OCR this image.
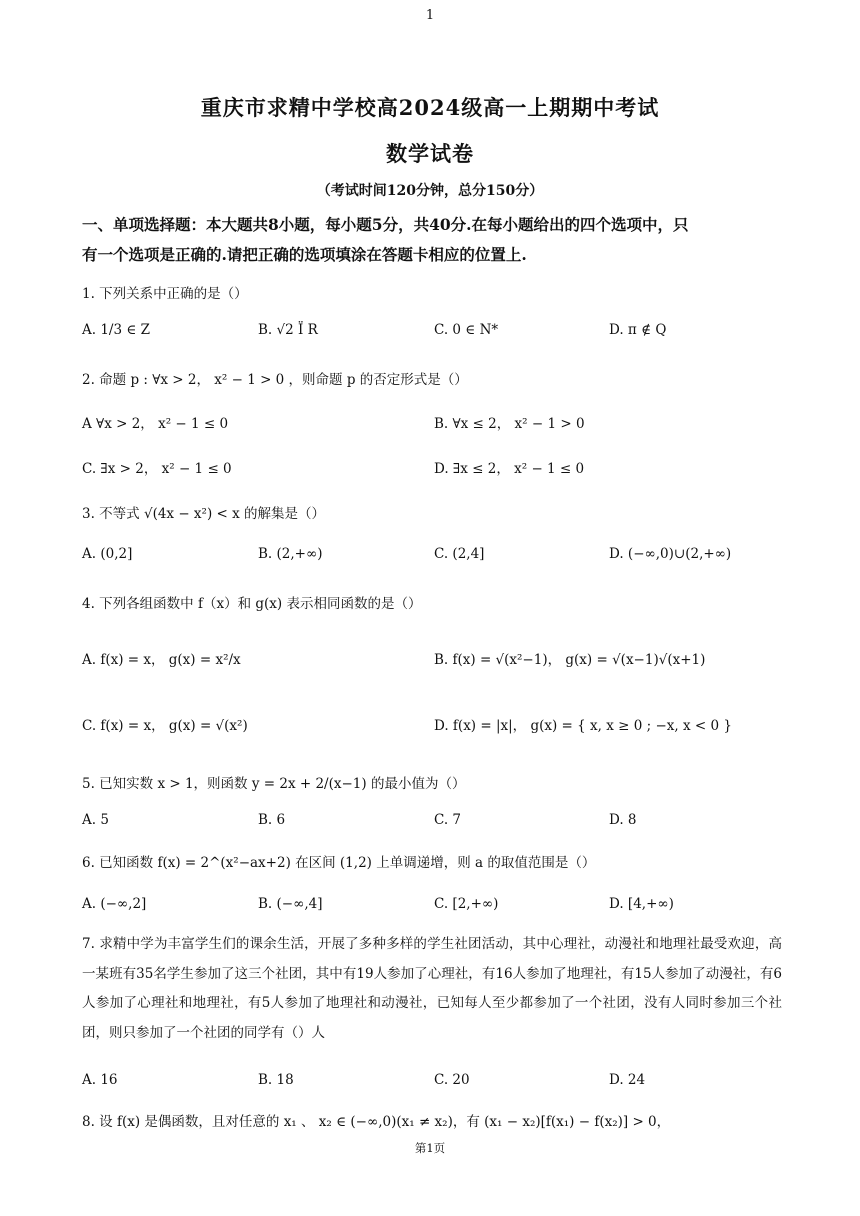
1
重庆市求精中学校高2024级高一上期期中考试
数学试卷
（考试时间120分钟，总分150分）
一、单项选择题：本大题共8小题，每小题5分，共40分.在每小题给出的四个选项中，只
有一个选项是正确的.请把正确的选项填涂在答题卡相应的位置上.
1. 下列关系中正确的是（）
A. 1/3 ∈ Z	B. √2 Ï R	C. 0 ∈ N*	D. π ∉ Q
2. 命题 p : ∀x > 2， x² − 1 > 0 ，则命题 p 的否定形式是（）
A ∀x > 2， x² − 1 ≤ 0	B. ∀x ≤ 2， x² − 1 > 0
C. ∃x > 2， x² − 1 ≤ 0	D. ∃x ≤ 2， x² − 1 ≤ 0
3. 不等式 √(4x − x²) < x 的解集是（）
A. (0,2]	B. (2,+∞)	C. (2,4]	D. (−∞,0)∪(2,+∞)
4. 下列各组函数中 f（x）和 g(x) 表示相同函数的是（）
A. f(x) = x， g(x) = x²/x	B. f(x) = √(x²−1)， g(x) = √(x−1)√(x+1)
C. f(x) = x， g(x) = √(x²)	D. f(x) = |x|， g(x) = { x, x ≥ 0 ; −x, x < 0 }
5. 已知实数 x > 1，则函数 y = 2x + 2/(x−1) 的最小值为（）
A. 5	B. 6	C. 7	D. 8
6. 已知函数 f(x) = 2^(x²−ax+2) 在区间 (1,2) 上单调递增，则 a 的取值范围是（）
A. (−∞,2]	B. (−∞,4]	C. [2,+∞)	D. [4,+∞)
7. 求精中学为丰富学生们的课余生活，开展了多种多样的学生社团活动，其中心理社，动漫社和地理社最受欢迎，高一某班有35名学生参加了这三个社团，其中有19人参加了心理社，有16人参加了地理社，有15人参加了动漫社，有6人参加了心理社和地理社，有5人参加了地理社和动漫社，已知每人至少都参加了一个社团，没有人同时参加三个社团，则只参加了一个社团的同学有（）人
A. 16	B. 18	C. 20	D. 24
8. 设 f(x) 是偶函数，且对任意的 x₁ 、 x₂ ∈ (−∞,0)(x₁ ≠ x₂)，有 (x₁ − x₂)[f(x₁) − f(x₂)] > 0，
第1页
